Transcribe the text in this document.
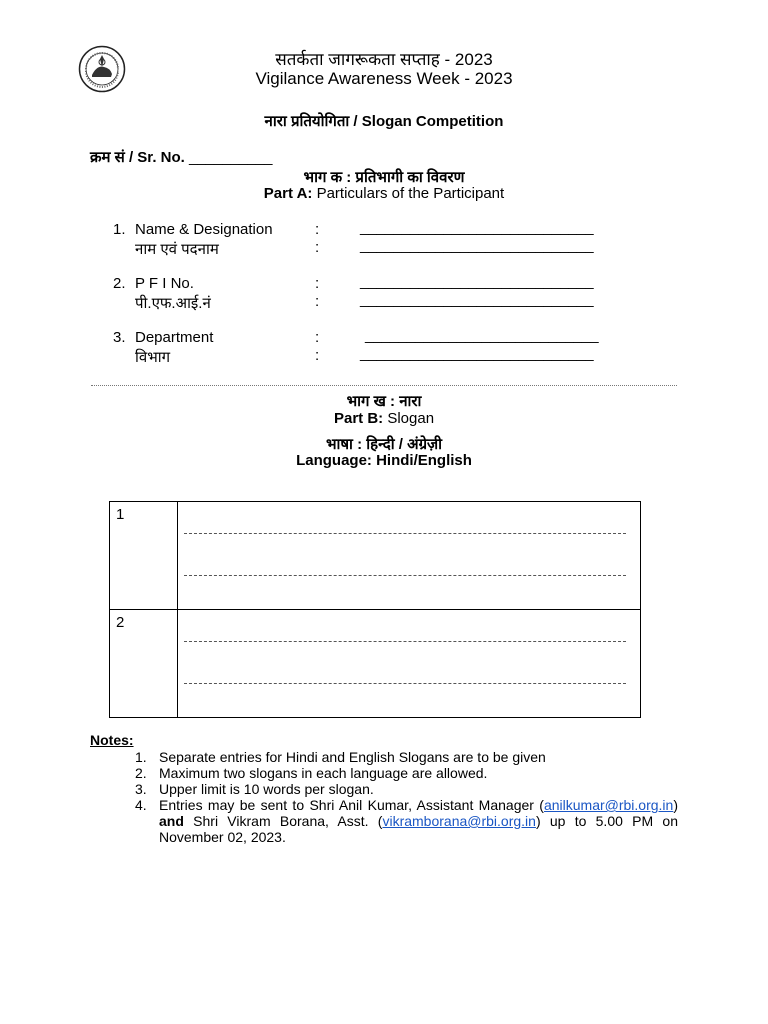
सतर्कता जागरूकता सप्ताह - 2023
Vigilance Awareness Week - 2023
नारा प्रतियोगिता / Slogan Competition
क्रम सं / Sr. No. __________
भाग क : प्रतिभागी का विवरण
Part A: Particulars of the Participant
1. Name & Designation	:	____________________________
नाम एवं पदनाम	:	____________________________
2. P F I No.	:	____________________________
पी.एफ.आई.नं	:	____________________________
3. Department	:	____________________________
विभाग	:	____________________________
भाग ख : नारा
Part B: Slogan
भाषा : हिन्दी / अंग्रेज़ी
Language: Hindi/English
1	

2	
Notes:
1. Separate entries for Hindi and English Slogans are to be given
2. Maximum two slogans in each language are allowed.
3. Upper limit is 10 words per slogan.
4. Entries may be sent to Shri Anil Kumar, Assistant Manager (anilkumar@rbi.org.in) and Shri Vikram Borana, Asst. (vikramborana@rbi.org.in) up to 5.00 PM on November 02, 2023.
